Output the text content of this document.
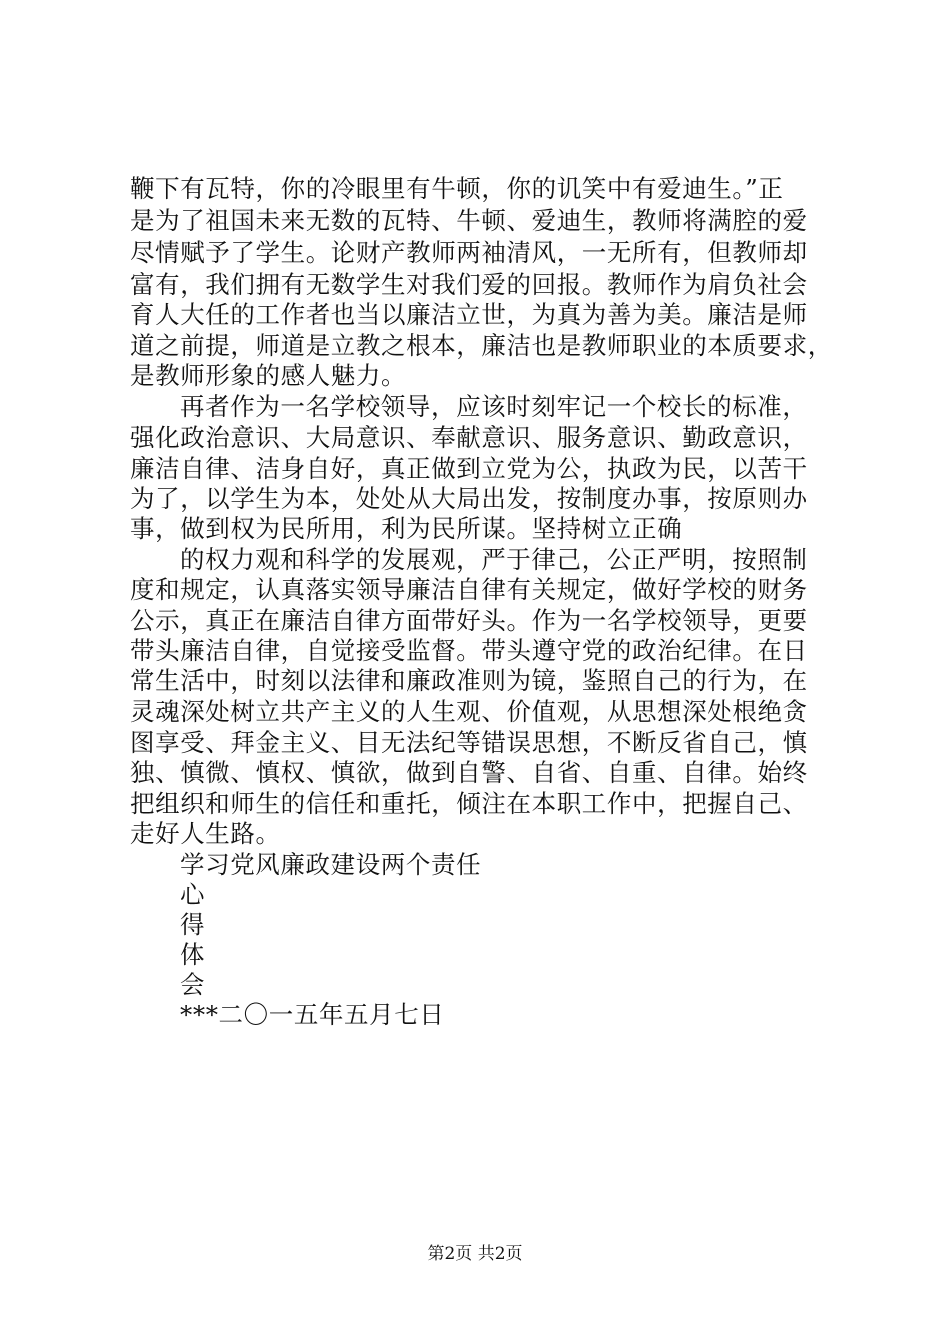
鞭下有瓦特，你的冷眼里有牛顿，你的讥笑中有爱迪生。”正
是为了祖国未来无数的瓦特、牛顿、爱迪生，教师将满腔的爱
尽情赋予了学生。论财产教师两袖清风，一无所有，但教师却
富有，我们拥有无数学生对我们爱的回报。教师作为肩负社会
育人大任的工作者也当以廉洁立世，为真为善为美。廉洁是师
道之前提，师道是立教之根本，廉洁也是教师职业的本质要求，
是教师形象的感人魅力。
再者作为一名学校领导，应该时刻牢记一个校长的标准，
强化政治意识、大局意识、奉献意识、服务意识、勤政意识，
廉洁自律、洁身自好，真正做到立党为公，执政为民，以苦干
为了，以学生为本，处处从大局出发，按制度办事，按原则办
事，做到权为民所用，利为民所谋。坚持树立正确
的权力观和科学的发展观，严于律己，公正严明，按照制
度和规定，认真落实领导廉洁自律有关规定，做好学校的财务
公示，真正在廉洁自律方面带好头。作为一名学校领导，更要
带头廉洁自律，自觉接受监督。带头遵守党的政治纪律。在日
常生活中，时刻以法律和廉政准则为镜，鉴照自己的行为，在
灵魂深处树立共产主义的人生观、价值观，从思想深处根绝贪
图享受、拜金主义、目无法纪等错误思想，不断反省自己，慎
独、慎微、慎权、慎欲，做到自警、自省、自重、自律。始终
把组织和师生的信任和重托，倾注在本职工作中，把握自己、
走好人生路。
学习党风廉政建设两个责任
心
得
体
会
***二〇一五年五月七日
第2页 共2页
